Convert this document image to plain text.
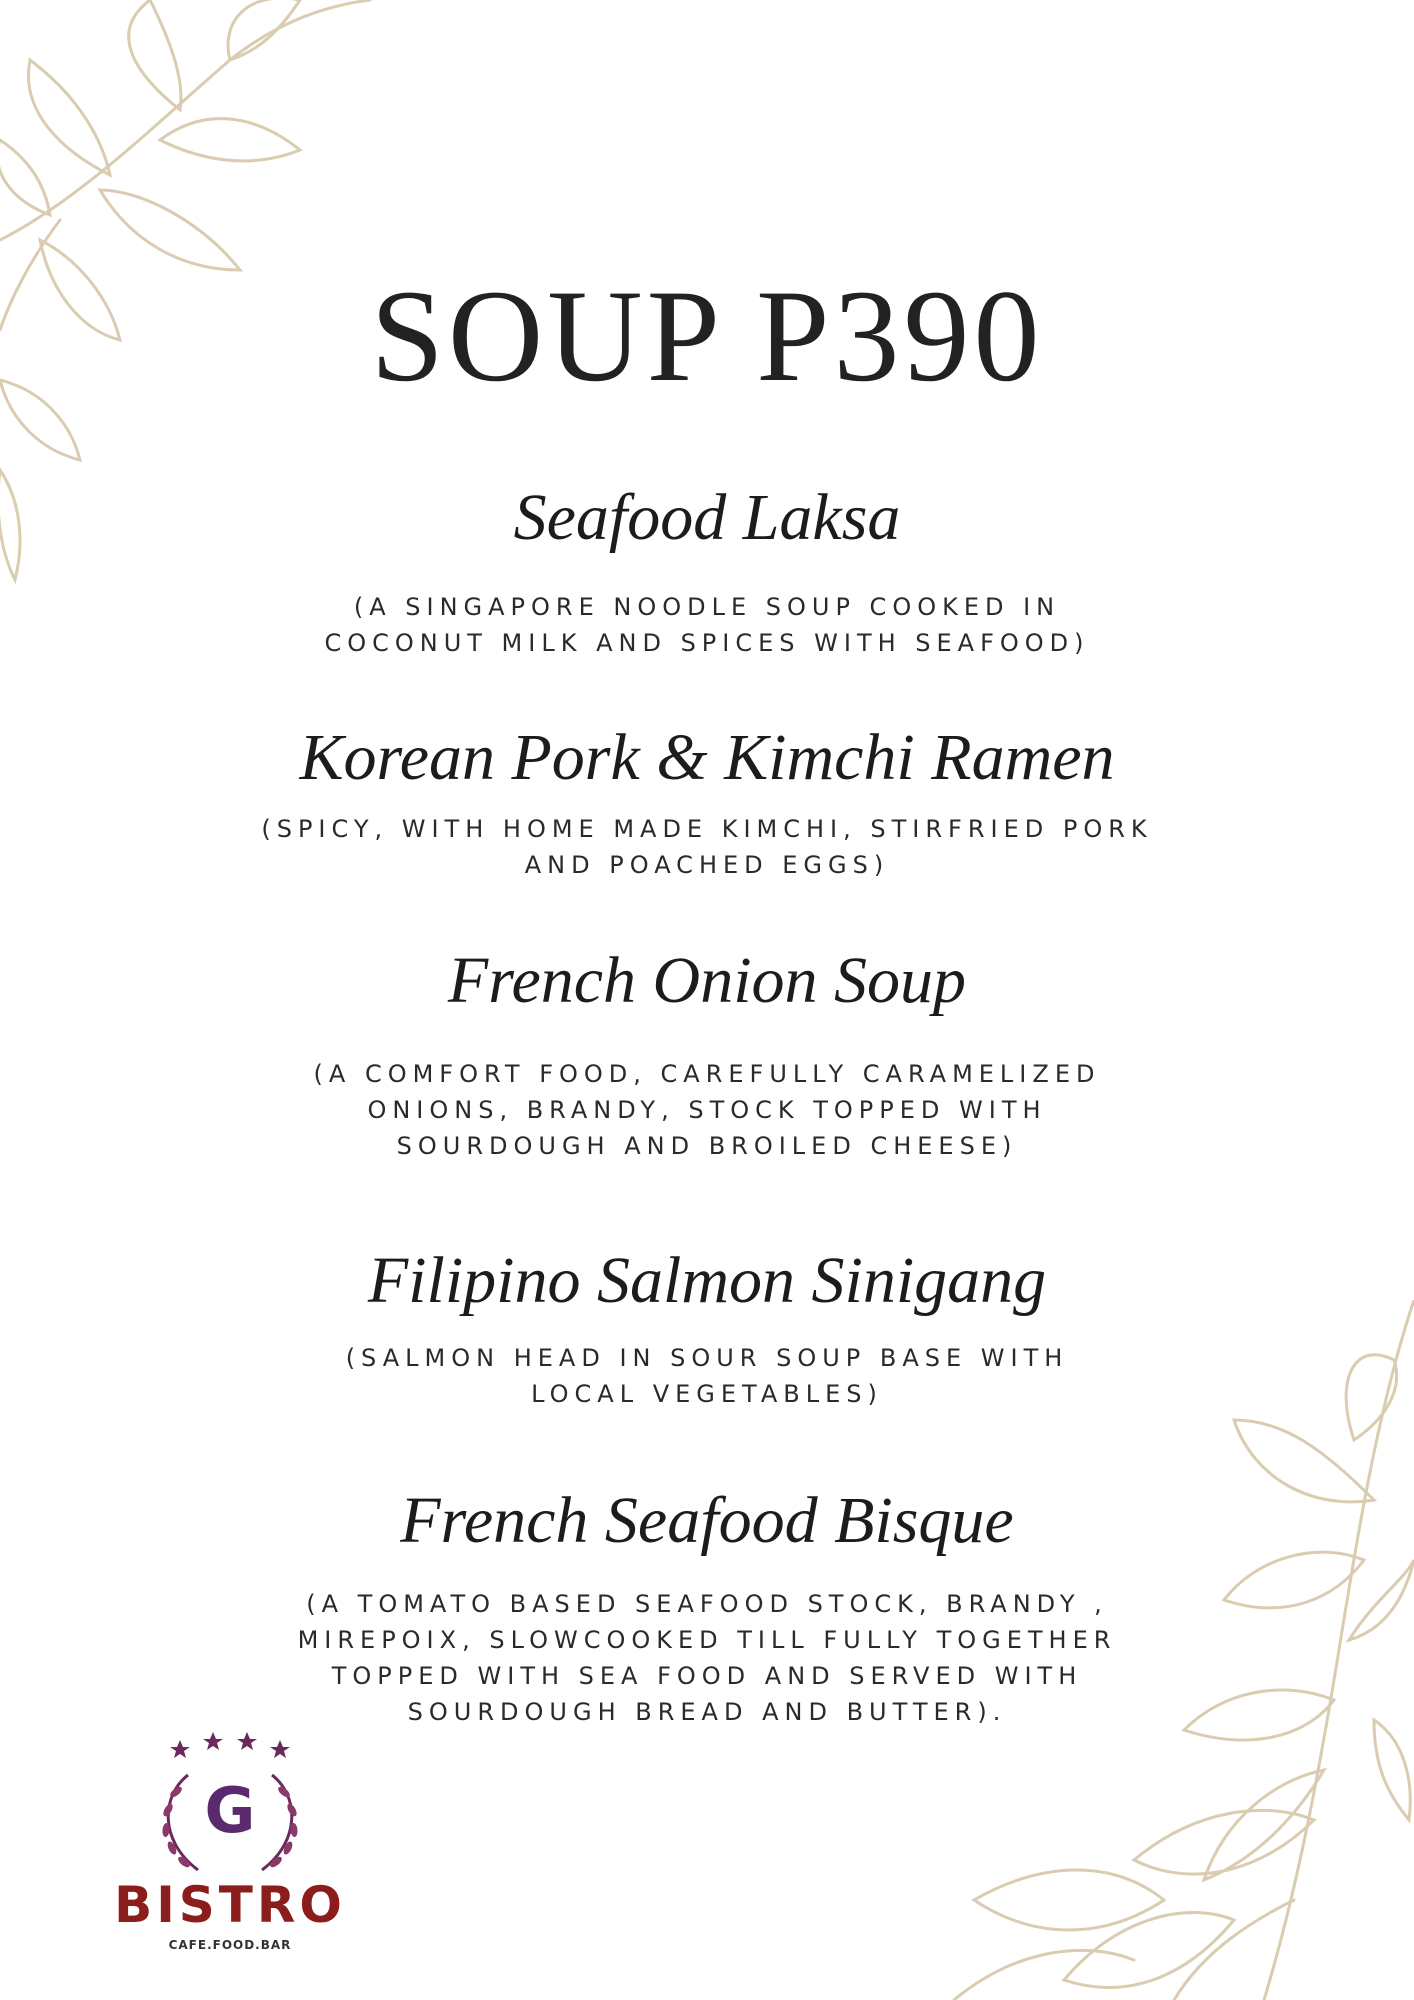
SOUP P390
Seafood Laksa

(A SINGAPORE NOODLE SOUP COOKED IN
COCONUT MILK AND SPICES WITH SEAFOOD)

Korean Pork & Kimchi Ramen

(SPICY, WITH HOME MADE KIMCHI, STIRFRIED PORK
AND POACHED EGGS)

French Onion Soup

(A COMFORT FOOD, CAREFULLY CARAMELIZED
ONIONS, BRANDY, STOCK TOPPED WITH
SOURDOUGH AND BROILED CHEESE)

Filipino Salmon Sinigang

(SALMON HEAD IN SOUR SOUP BASE WITH
LOCAL VEGETABLES)

French Seafood Bisque

(A TOMATO BASED SEAFOOD STOCK, BRANDY ,
MIREPOIX, SLOWCOOKED TILL FULLY TOGETHER
TOPPED WITH SEA FOOD AND SERVED WITH
SOURDOUGH BREAD AND BUTTER).

G
BISTRO
CAFE.FOOD.BAR
